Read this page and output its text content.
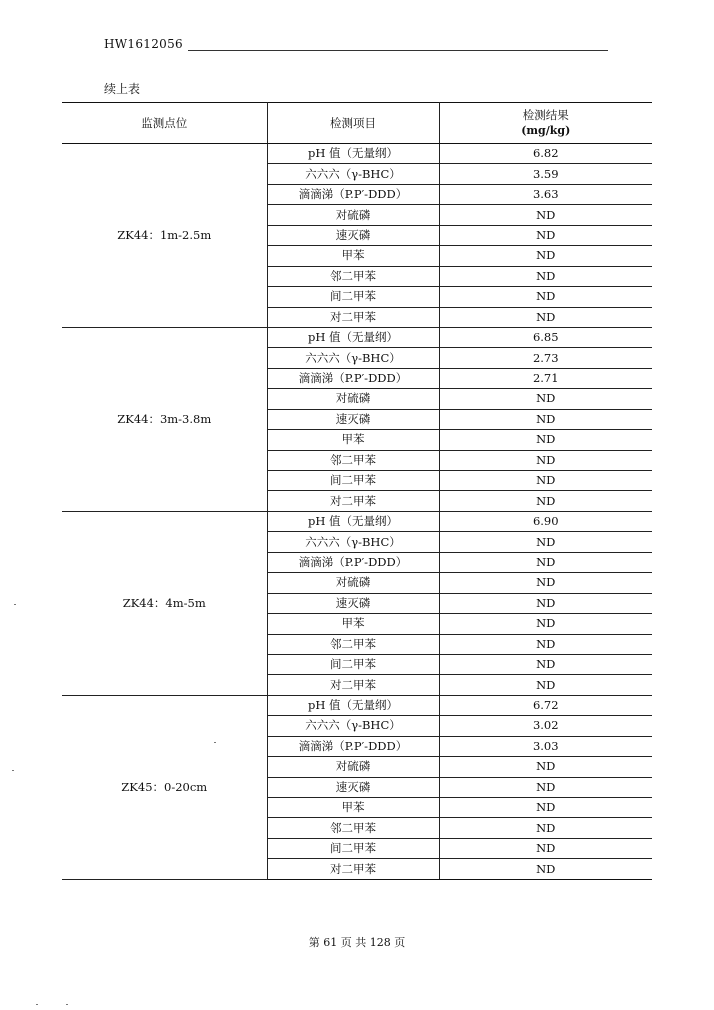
HW1612056
续上表
监测点位	检测项目	检测结果
(mg/kg)

ZK44：1m-2.5m	pH 值（无量纲）	6.82
	六六六（γ-BHC）	3.59
	滴滴涕（P.P′-DDD）	3.63
	对硫磷	ND
	速灭磷	ND
	甲苯	ND
	邻二甲苯	ND
	间二甲苯	ND
	对二甲苯	ND
ZK44：3m-3.8m	pH 值（无量纲）	6.85
	六六六（γ-BHC）	2.73
	滴滴涕（P.P′-DDD）	2.71
	对硫磷	ND
	速灭磷	ND
	甲苯	ND
	邻二甲苯	ND
	间二甲苯	ND
	对二甲苯	ND
ZK44：4m-5m	pH 值（无量纲）	6.90
	六六六（γ-BHC）	ND
	滴滴涕（P.P′-DDD）	ND
	对硫磷	ND
	速灭磷	ND
	甲苯	ND
	邻二甲苯	ND
	间二甲苯	ND
	对二甲苯	ND
ZK45：0-20cm	pH 值（无量纲）	6.72
	六六六（γ-BHC）	3.02
	滴滴涕（P.P′-DDD）	3.03
	对硫磷	ND
	速灭磷	ND
	甲苯	ND
	邻二甲苯	ND
	间二甲苯	ND
	对二甲苯	ND
第 61 页 共 128 页
